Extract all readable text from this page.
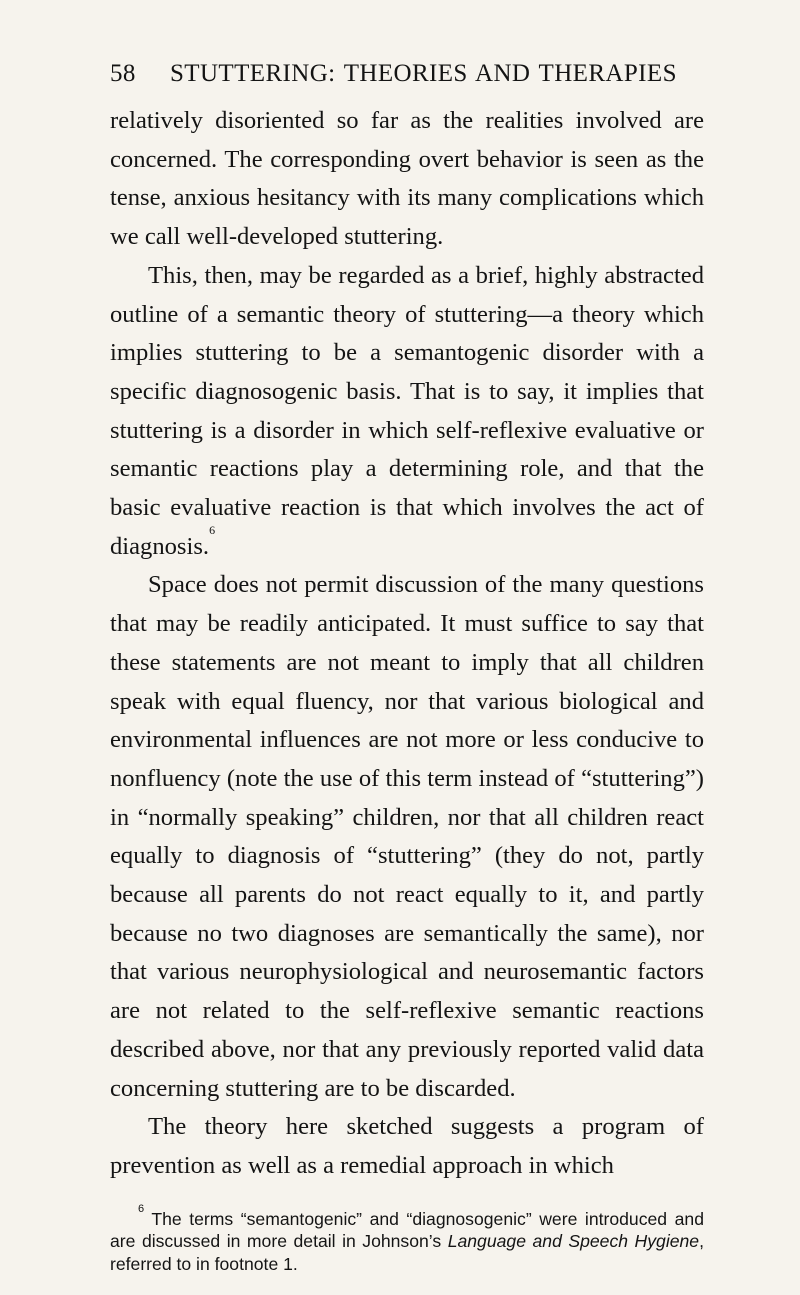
58	STUTTERING: THEORIES AND THERAPIES

relatively disoriented so far as the realities involved are concerned. The corresponding overt behavior is seen as the tense, anxious hesitancy with its many complications which we call well-developed stuttering.

This, then, may be regarded as a brief, highly abstracted outline of a semantic theory of stuttering—a theory which implies stuttering to be a semantogenic disorder with a specific diagnosogenic basis. That is to say, it implies that stuttering is a disorder in which self-reflexive evaluative or semantic reactions play a determining role, and that the basic evaluative reaction is that which involves the act of diagnosis.$^6$

Space does not permit discussion of the many questions that may be readily anticipated. It must suffice to say that these statements are not meant to imply that all children speak with equal fluency, nor that various biological and environmental influences are not more or less conducive to nonfluency (note the use of this term instead of “stuttering”) in “normally speaking” children, nor that all children react equally to diagnosis of “stuttering” (they do not, partly because all parents do not react equally to it, and partly because no two diagnoses are semantically the same), nor that various neurophysiological and neurosemantic factors are not related to the self-reflexive semantic reactions described above, nor that any previously reported valid data concerning stuttering are to be discarded.

The theory here sketched suggests a program of prevention as well as a remedial approach in which

$^6$ The terms “semantogenic” and “diagnosogenic” were introduced and are discussed in more detail in Johnson’s Language and Speech Hygiene, referred to in footnote 1.
